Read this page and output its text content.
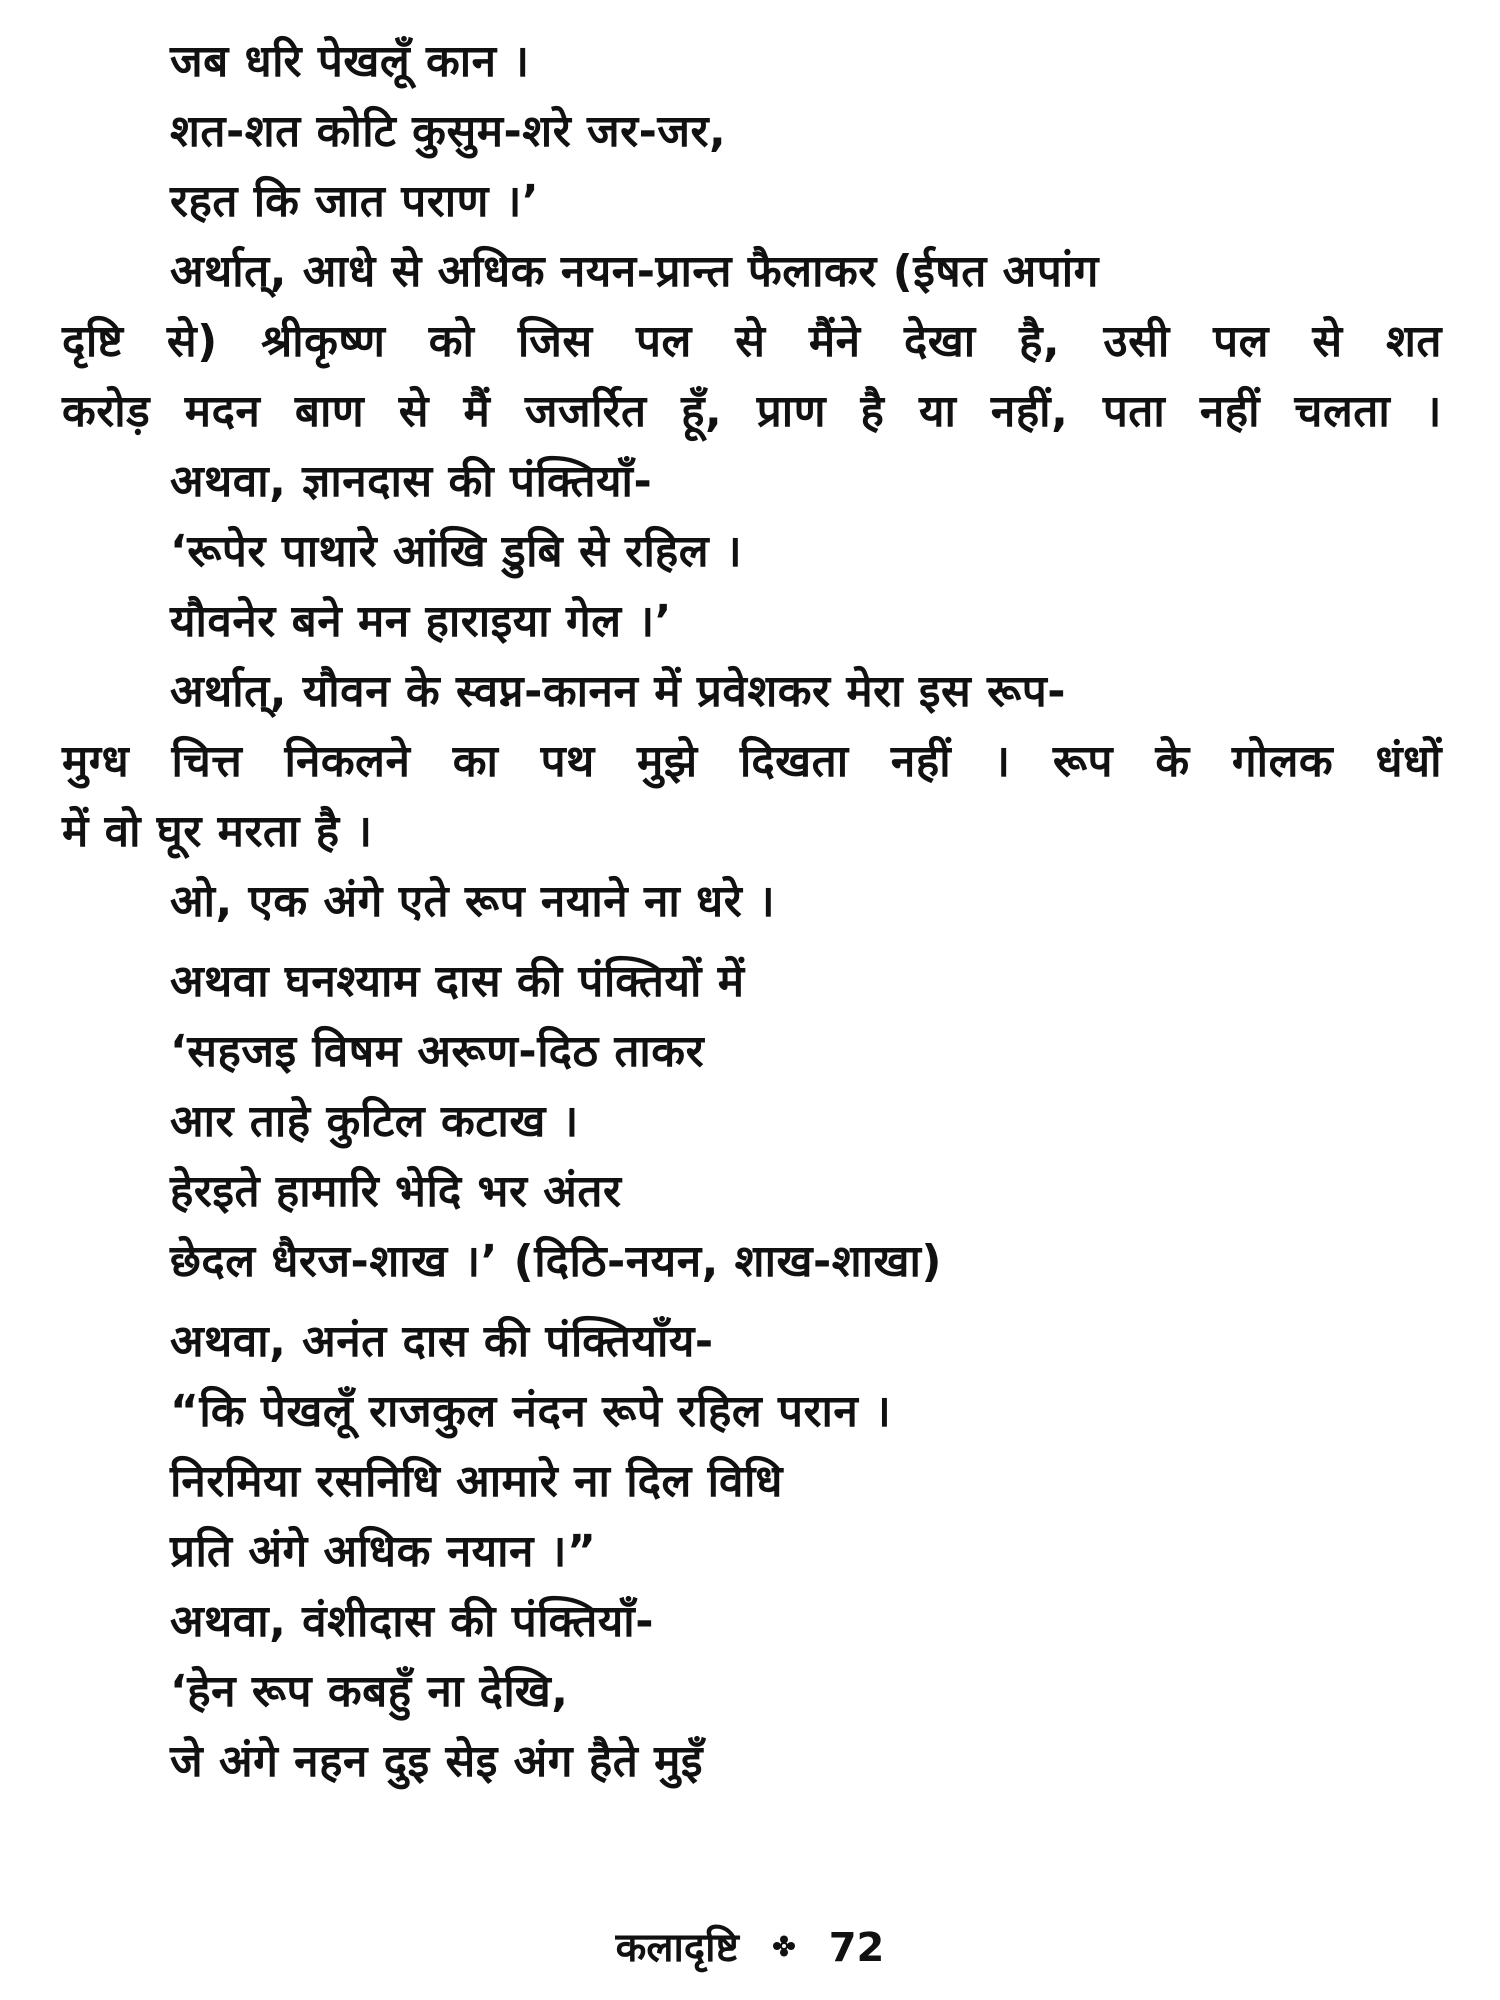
जब धरि पेखलूँ कान ।
शत-शत कोटि कुसुम-शरे जर-जर,
रहत कि जात पराण ।’
अर्थात्, आधे से अधिक नयन-प्रान्त फैलाकर (ईषत अपांग
दृष्टि से) श्रीकृष्ण को जिस पल से मैंने देखा है, उसी पल से शत
करोड़ मदन बाण से मैं जजर्रित हूँ, प्राण है या नहीं, पता नहीं चलता ।
अथवा, ज्ञानदास की पंक्तियाँ-
‘रूपेर पाथारे आंखि डुबि से रहिल ।
यौवनेर बने मन हाराइया गेल ।’
अर्थात्, यौवन के स्वप्न-कानन में प्रवेशकर मेरा इस रूप-
मुग्ध चित्त निकलने का पथ मुझे दिखता नहीं । रूप के गोलक धंधों
में वो घूर मरता है ।
ओ, एक अंगे एते रूप नयाने ना धरे ।
अथवा घनश्याम दास की पंक्तियों में
‘सहजइ विषम अरूण-दिठ ताकर
आर ताहे कुटिल कटाख ।
हेरइते हामारि भेदि भर अंतर
छेदल धैरज-शाख ।’ (दिठि-नयन, शाख-शाखा)
अथवा, अनंत दास की पंक्तियाँय-
“कि पेखलूँ राजकुल नंदन रूपे रहिल परान ।
निरमिया रसनिधि आमारे ना दिल विधि
प्रति अंगे अधिक नयान ।”
अथवा, वंशीदास की पंक्तियाँ-
‘हेन रूप कबहुँ ना देखि,
जे अंगे नहन दुइ सेइ अंग हैते मुइँ
कलादृष्टि 72
